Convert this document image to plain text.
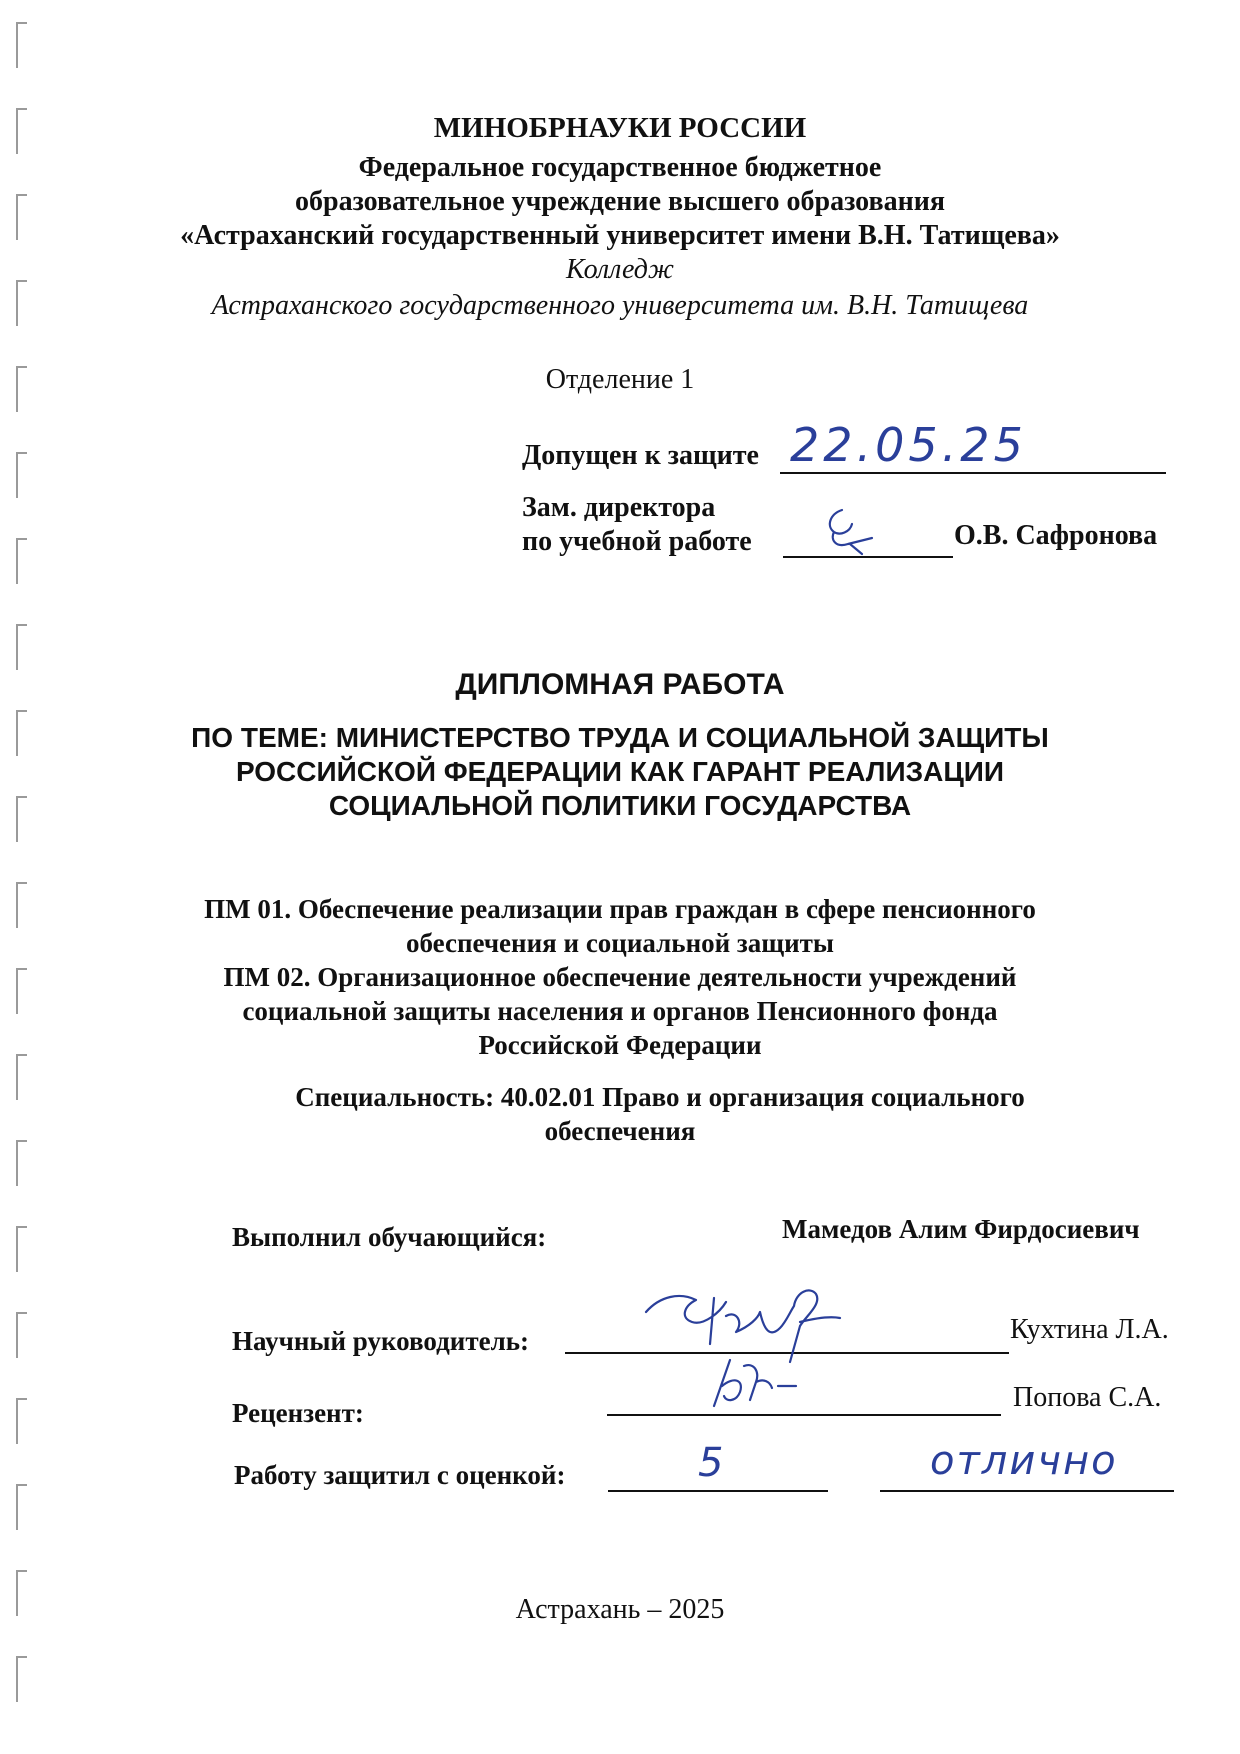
МИНОБРНАУКИ РОССИИ
Федеральное государственное бюджетное
образовательное учреждение высшего образования
«Астраханский государственный университет имени В.Н. Татищева»
Колледж
Астраханского государственного университета им. В.Н. Татищева
Отделение 1
Допущен к защите 22.05.25
Зам. директора
по учебной работе	О.В. Сафронова
ДИПЛОМНАЯ РАБОТА
ПО ТЕМЕ: МИНИСТЕРСТВО ТРУДА И СОЦИАЛЬНОЙ ЗАЩИТЫ
РОССИЙСКОЙ ФЕДЕРАЦИИ КАК ГАРАНТ РЕАЛИЗАЦИИ
СОЦИАЛЬНОЙ ПОЛИТИКИ ГОСУДАРСТВА
ПМ 01. Обеспечение реализации прав граждан в сфере пенсионного
обеспечения и социальной защиты
ПМ 02. Организационное обеспечение деятельности учреждений
социальной защиты населения и органов Пенсионного фонда
Российской Федерации
Специальность: 40.02.01 Право и организация социального
обеспечения
Выполнил обучающийся:	Мамедов Алим Фирдосиевич
Научный руководитель:	Кухтина Л.А.
Рецензент:	Попова С.А.
Работу защитил с оценкой:	5	отлично
Астрахань – 2025
